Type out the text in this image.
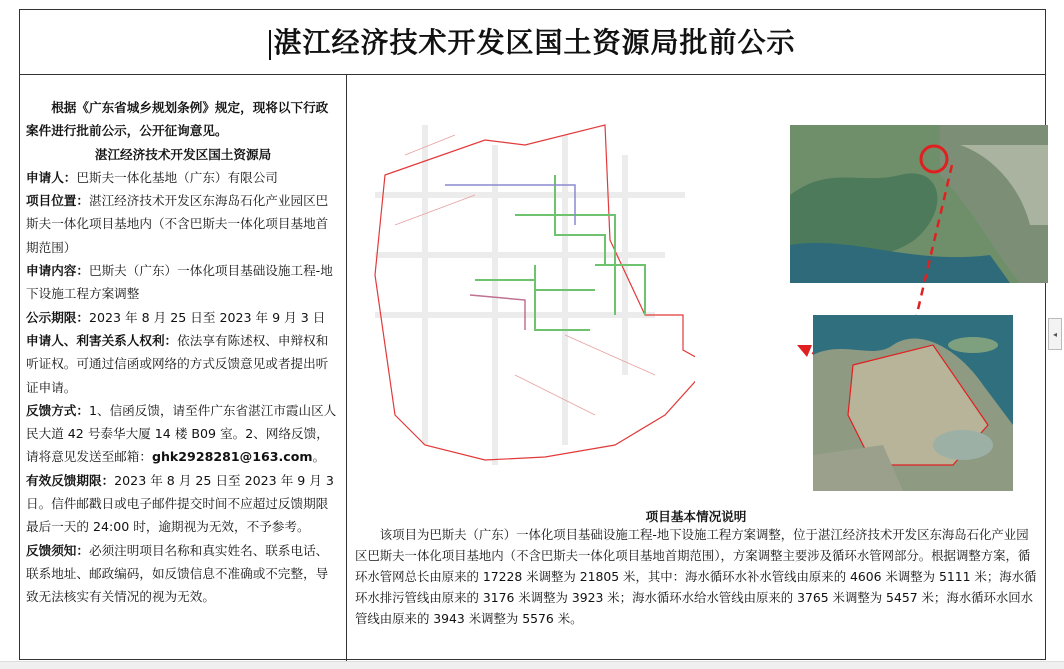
湛江经济技术开发区国土资源局批前公示

根据《广东省城乡规划条例》规定，现将以下行政案件进行批前公示，公开征询意见。

湛江经济技术开发区国土资源局

申请人：巴斯夫一体化基地（广东）有限公司

项目位置：湛江经济技术开发区东海岛石化产业园区巴斯夫一体化项目基地内（不含巴斯夫一体化项目基地首期范围）

申请内容：巴斯夫（广东）一体化项目基础设施工程-地下设施工程方案调整

公示期限：2023 年 8 月 25 日至 2023 年 9 月 3 日

申请人、利害关系人权利：依法享有陈述权、申辩权和听证权。可通过信函或网络的方式反馈意见或者提出听证申请。

反馈方式：1、信函反馈，请至件广东省湛江市霞山区人民大道 42 号泰华大厦 14 楼 B09 室。2、网络反馈，请将意见发送至邮箱：ghk2928281@163.com。

有效反馈期限：2023 年 8 月 25 日至 2023 年 9 月 3 日。信件邮戳日或电子邮件提交时间不应超过反馈期限最后一天的 24:00 时，逾期视为无效，不予参考。

反馈须知：必须注明项目名称和真实姓名、联系电话、联系地址、邮政编码，如反馈信息不准确或不完整，导致无法核实有关情况的视为无效。

项目基本情况说明
该项目为巴斯夫（广东）一体化项目基础设施工程-地下设施工程方案调整，位于湛江经济技术开发区东海岛石化产业园区巴斯夫一体化项目基地内（不含巴斯夫一体化项目基地首期范围），方案调整主要涉及循环水管网部分。根据调整方案，循环水管网总长由原来的 17228 米调整为 21805 米，其中：海水循环水补水管线由原来的 4606 米调整为 5111 米；海水循环水排污管线由原来的 3176 米调整为 3923 米；海水循环水给水管线由原来的 3765 米调整为 5457 米；海水循环水回水管线由原来的 3943 米调整为 5576 米。
◂
